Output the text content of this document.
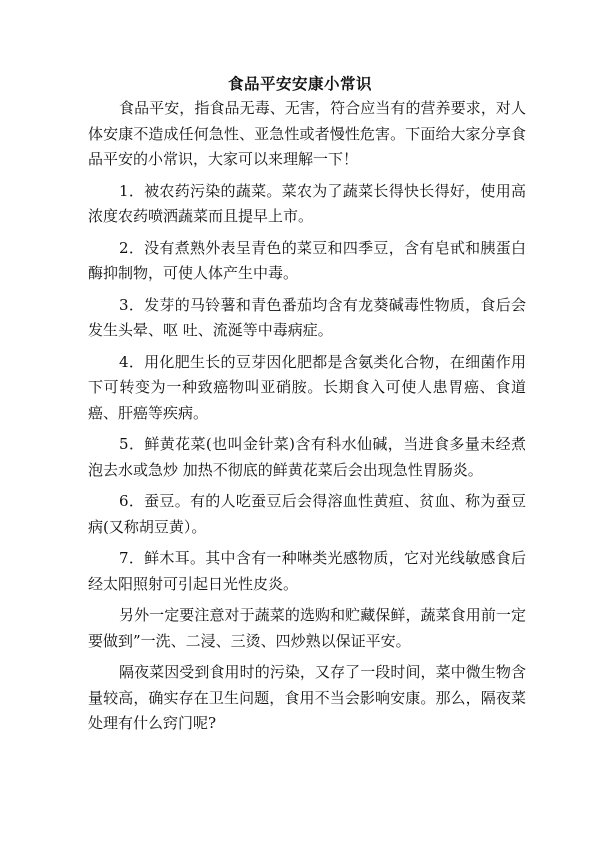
食品平安安康小常识

食品平安，指食品无毒、无害，符合应当有的营养要求，对人体安康不造成任何急性、亚急性或者慢性危害。下面给大家分享食品平安的小常识，大家可以来理解一下！

1．被农药污染的蔬菜。菜农为了蔬菜长得快长得好，使用高浓度农药喷洒蔬菜而且提早上市。

2．没有煮熟外表呈青色的菜豆和四季豆，含有皂甙和胰蛋白酶抑制物，可使人体产生中毒。

3．发芽的马铃薯和青色番茄均含有龙葵碱毒性物质，食后会发生头晕、呕 吐、流涎等中毒病症。

4．用化肥生长的豆芽因化肥都是含氨类化合物，在细菌作用下可转变为一种致癌物叫亚硝胺。长期食入可使人患胃癌、食道癌、肝癌等疾病。

5．鲜黄花菜(也叫金针菜)含有科水仙碱，当进食多量未经煮泡去水或急炒 加热不彻底的鲜黄花菜后会出现急性胃肠炎。

6．蚕豆。有的人吃蚕豆后会得溶血性黄疸、贫血、称为蚕豆病(又称胡豆黄）。

7．鲜木耳。其中含有一种啉类光感物质，它对光线敏感食后经太阳照射可引起日光性皮炎。

另外一定要注意对于蔬菜的选购和贮藏保鲜，蔬菜食用前一定要做到”一洗、二浸、三烫、四炒熟以保证平安。

隔夜菜因受到食用时的污染，又存了一段时间，菜中微生物含量较高，确实存在卫生问题，食用不当会影响安康。那么，隔夜菜处理有什么窍门呢?
